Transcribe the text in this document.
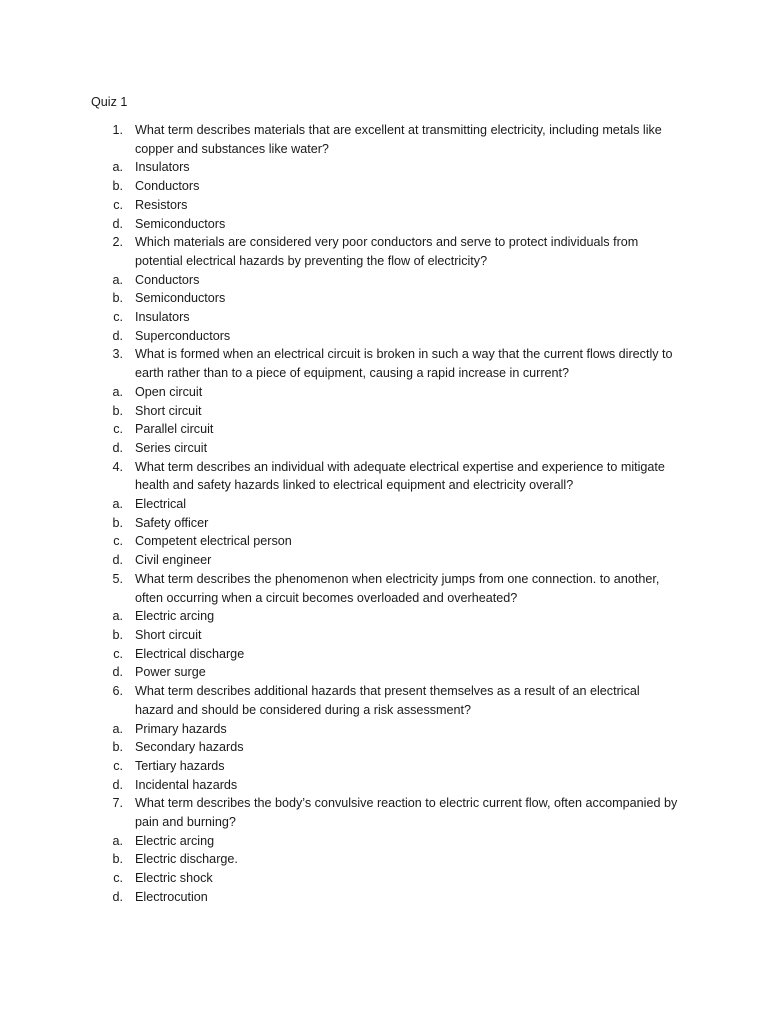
Quiz 1

1. What term describes materials that are excellent at transmitting electricity, including metals like copper and substances like water?
a. Insulators
b. Conductors
c. Resistors
d. Semiconductors
2. Which materials are considered very poor conductors and serve to protect individuals from potential electrical hazards by preventing the flow of electricity?
a. Conductors
b. Semiconductors
c. Insulators
d. Superconductors
3. What is formed when an electrical circuit is broken in such a way that the current flows directly to earth rather than to a piece of equipment, causing a rapid increase in current?
a. Open circuit
b. Short circuit
c. Parallel circuit
d. Series circuit
4. What term describes an individual with adequate electrical expertise and experience to mitigate health and safety hazards linked to electrical equipment and electricity overall?
a. Electrical
b. Safety officer
c. Competent electrical person
d. Civil engineer
5. What term describes the phenomenon when electricity jumps from one connection. to another, often occurring when a circuit becomes overloaded and overheated?
a. Electric arcing
b. Short circuit
c. Electrical discharge
d. Power surge
6. What term describes additional hazards that present themselves as a result of an electrical hazard and should be considered during a risk assessment?
a. Primary hazards
b. Secondary hazards
c. Tertiary hazards
d. Incidental hazards
7. What term describes the body’s convulsive reaction to electric current flow, often accompanied by pain and burning?
a. Electric arcing
b. Electric discharge.
c. Electric shock
d. Electrocution
